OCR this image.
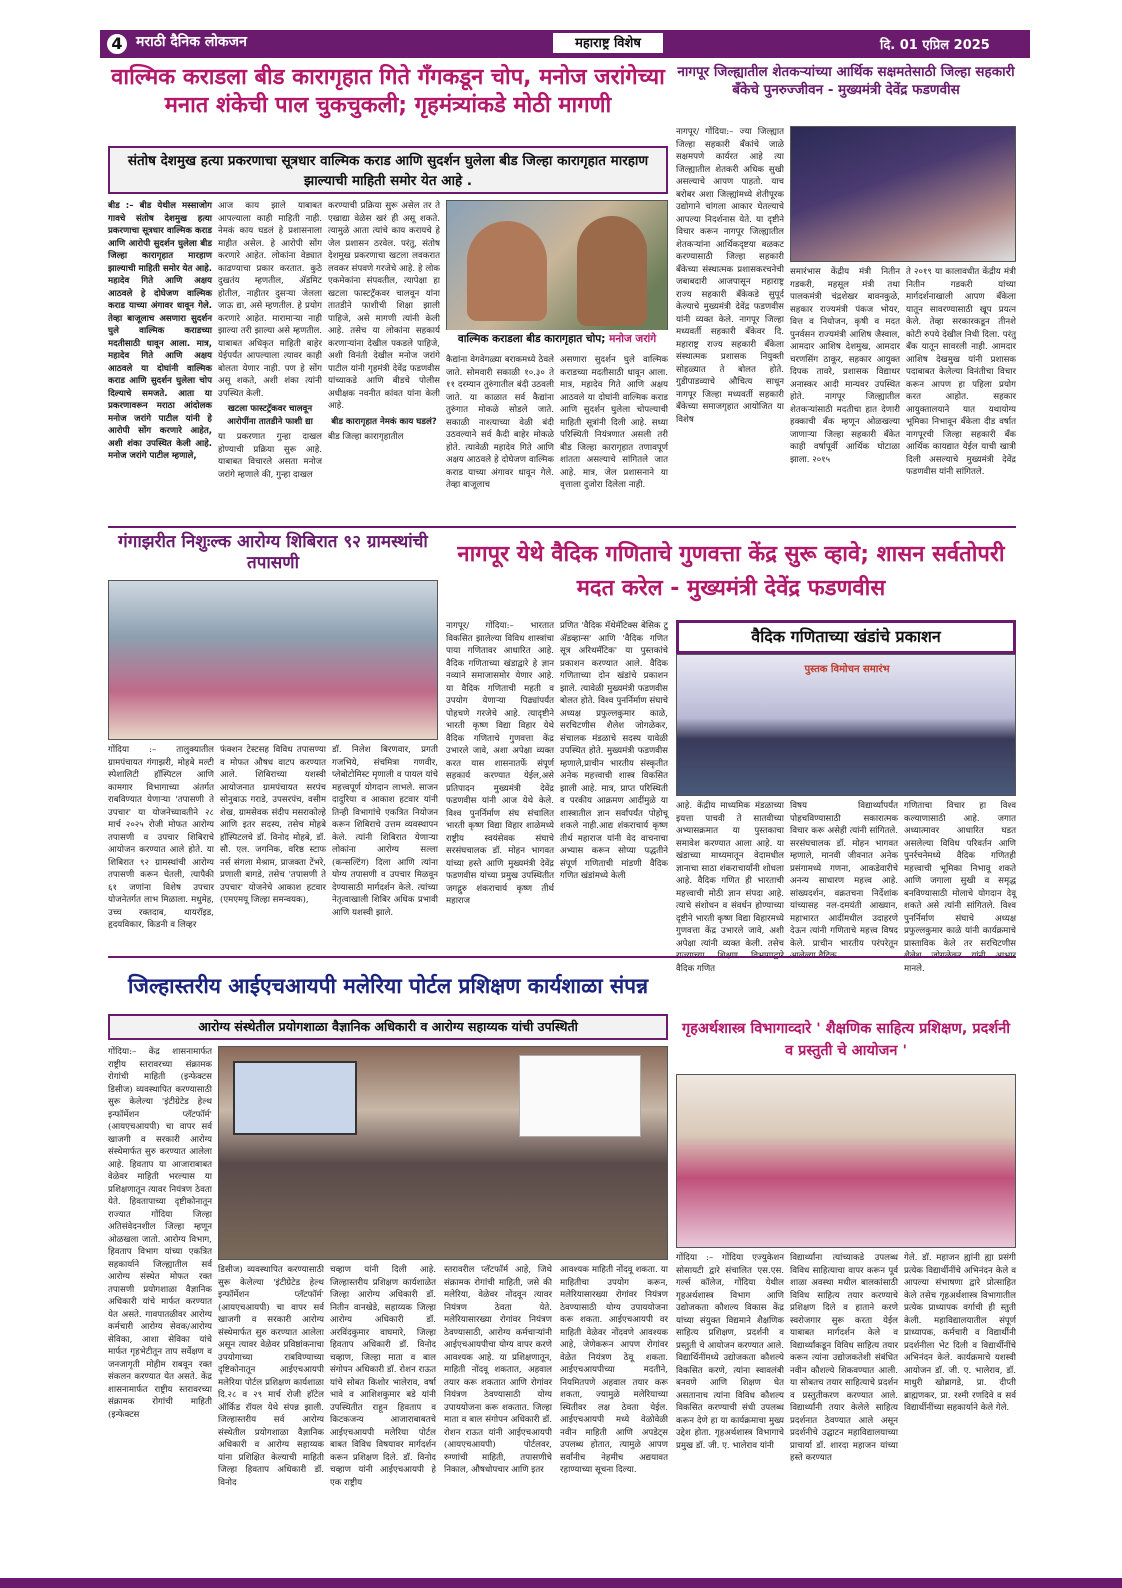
4 मराठी दैनिक लोकजन	महाराष्ट्र विशेष	दि. 01 एप्रिल 2025
वाल्मिक कराडला बीड कारागृहात गिते गँगकडून चोप, मनोज जरांगेच्या मनात शंकेची पाल चुकचुकली; गृहमंत्र्यांकडे मोठी मागणी
संतोष देशमुख हत्या प्रकरणाचा सूत्रधार वाल्मिक कराड आणि सुदर्शन घुलेला बीड जिल्हा कारागृहात मारहाण झाल्याची माहिती समोर येत आहे .
बीड :– बीड येथील मस्साजोग गावचे संतोष देशमुख हत्या प्रकरणाचा सूत्रधार वाल्मिक कराड आणि आरोपी सुदर्शन घुलेला बीड जिल्हा कारागृहात मारहाण झाल्याची माहिती समोर येत आहे. महादेव गिते आणि अक्षय आठवले हे दोघेजण वाल्मिक कराड याच्या अंगावर धावून गेले. तेव्हा बाजूलाच असणारा सुदर्शन घुले वाल्मिक कराडच्या मदतीसाठी धावून आला. मात्र, महादेव गिते आणि अक्षय आठवले या दोघांनी वाल्मिक कराड आणि सुदर्शन घुलेला चोप दिल्याचे समजते. आता या प्रकरणावरून मराठा आंदोलक मनोज जरांगे पाटील यांनी हे आरोपी सोंग करणारे आहेत, अशी शंका उपस्थित केली आहे. मनोज जरांगे पाटील म्हणाले,
आज काय झाले याबाबत आपल्याला काही माहिती नाही. नेमकं काय घडलं हे प्रशासनाला माहीत असेल. हे आरोपी सोंग करणारे आहेत. लोकांना वेड्यात काढण्याचा प्रकार करतात. कुठे दुखतंय म्हणतील, ॲडमिट होतील, नाहीतर दुसऱ्या जेलला जाऊ द्या, असे म्हणतील. हे प्रयोग करणारे आहेत. मारामाऱ्या नाही झाल्या तरी झाल्या असे म्हणतील. याबाबत अधिकृत माहिती बाहेर येईपर्यंत आपल्याला त्यावर काही बोलता येणार नाही. पण हे सोंग असू शकते, अशी शंका त्यांनी उपस्थित केली.
खटला फास्टट्रॅकवर चालवून आरोपींना तातडीने फाशी द्या
या प्रकरणात गुन्हा दाखल होण्याची प्रक्रिया सुरू आहे. याबाबत विचारले असता मनोज जरांगे म्हणाले की, गुन्हा दाखल
करण्याची प्रक्रिया सुरू असेल तर ते एखाद्या वेळेस खरं ही असू शकते. त्यामुळे आता त्यांचे काय करायचे हे जेल प्रशासन ठरवेल. परंतु, संतोष देशमुख प्रकरणाचा खटला लवकरात लवकर संपवणे गरजेचे आहे. हे लोक एकमेकांना संपवतील, त्यापेक्षा हा खटला फास्टट्रॅकवर चालवून यांना तातडीने फाशीची शिक्षा झाली पाहिजे, असे मागणी त्यांनी केली आहे. तसेच या लोकांना सहकार्य करणाऱ्यांना देखील पकडले पाहिजे, अशी विनंती देखील मनोज जरांगे पाटील यांनी गृहमंत्री देवेंद्र फडणवीस यांच्याकडे आणि बीडचे पोलीस अधीक्षक नवनीत कांवत यांना केली आहे.
बीड कारागृहात नेमकं काय घडलं?
बीड जिल्हा कारागृहातील
वाल्मिक कराडला बीड कारागृहात चोप; मनोज जरांगे
कैद्यांना वेगवेगळ्या बराकमध्ये ठेवले जाते. सोमवारी सकाळी १०.३० ते ११ दरम्यान तुरुंगातील बंदी उठवली जाते. या काळात सर्व कैद्यांना तुरुंगात मोकळे सोडले जाते. सकाळी नाश्त्याच्या वेळी बंदी उठवल्याने सर्व कैदी बाहेर मोकळे होते. त्यावेळी महादेव गिते आणि अक्षय आठवले हे दोघेजण वाल्मिक कराड याच्या अंगावर धावून गेले. तेव्हा बाजूलाच
असणारा सुदर्शन घुले वाल्मिक कराडच्या मदतीसाठी धावून आला. मात्र, महादेव गिते आणि अक्षय आठवले या दोघांनी वाल्मिक कराड आणि सुदर्शन घुलेला चोपल्याची माहिती सूत्रांनी दिली आहे. सध्या परिस्थिती नियंत्रणात असली तरी बीड जिल्हा कारागृहात तणावपूर्ण शांतता असल्याचे सांगितले जात आहे. मात्र, जेल प्रशासनाने या वृत्ताला दुजोरा दिलेला नाही.
नागपूर जिल्ह्यातील शेतकऱ्यांच्या आर्थिक सक्षमतेसाठी जिल्हा सहकारी बँकेचे पुनरुज्जीवन - मुख्यमंत्री देवेंद्र फडणवीस
नागपूर/ गोंदिया:– ज्या जिल्ह्यात जिल्हा सहकारी बँकांचे जाळे सक्षमपणे कार्यरत आहे त्या जिल्ह्यातील शेतकरी अधिक सुखी असल्याचे आपण पाहतो. याच बरोबर अशा जिल्ह्यांमध्ये शेतीपूरक उद्योगाने चांगला आकार घेतल्याचे आपल्या निदर्शनास येते. या दृष्टीने विचार करून नागपूर जिल्ह्यातील शेतकऱ्यांना आर्थिकदृष्टया बळकट करण्यासाठी जिल्हा सहकारी बँकेच्या संस्थात्मक प्रशासकरचनेची जबाबदारी आजपासून महाराष्ट्र राज्य सहकारी बँकेकडे सुपूर्द केल्याचे मुख्यमंत्री देवेंद्र फडणवीस यांनी व्यक्त केले. नागपूर जिल्हा मध्यवर्ती सहकारी बँकेवर दि. महाराष्ट्र राज्य सहकारी बँकेला संस्थात्मक प्रशासक नियुक्ती सोहळ्यात ते बोलत होते. गुडीपाडव्याचे औचित्य साधून नागपूर जिल्हा मध्यवर्ती सहकारी बँकेच्या समाजगृहात आयोजित या विशेष
समारंभास केंद्रीय मंत्री नितीन गडकरी, महसूल मंत्री तथा पालकमंत्री चंद्रशेखर बावनकुळे, सहकार राज्यमंत्री पंकज भोयर, वित्त व नियोजन, कृषी व मदत पुनर्वसन राज्यमंत्री आशिष जैस्वाल, आमदार आशिष देशमुख, आमदार चरणसिंग ठाकूर, सहकार आयुक्त दिपक तावरे, प्रशासक विद्याधर अनास्कर आदी मान्यवर उपस्थित होते. नागपूर जिल्ह्यातील शेतकऱ्यांसाठी मदतीचा हात देणारी हक्काची बँक म्हणून ओळखल्या जाणाऱ्या जिल्हा सहकारी बँकेत काही वर्षापूर्वी आर्थिक घोटाळा झाला. २०१५
ते २०१९ या कालावधीत केंद्रीय मंत्री नितीन गडकरी यांच्या मार्गदर्शनाखाली आपण बँकेला यातून सावरण्यासाठी खूप प्रयत्न केले. तेव्हा सरकारकडून तीनशे कोटी रुपये देखील निधी दिला. परंतु बँक यातून सावरली नाही. आमदार आशिष देखमुख यांनी प्रशासक पदाबाबत केलेल्या विनंतीचा विचार करून आपण हा पहिला प्रयोग करत आहोत. सहकार आयुक्तालयाने यात यथायोग्य भूमिका निभावून बँकेला दीड वर्षात नागपूरची जिल्हा सहकारी बँक आर्थिक कायद्यात येईल याची खात्री दिली असल्याचे मुख्यमंत्री देवेंद्र फडणवीस यांनी सांगितले.
गंगाझरीत निशुःल्क आरोग्य शिबिरात ९२ ग्रामस्थांची तपासणी
गोंदिया :– तालुक्यातील ग्रामपंचायत गंगाझरी, मोहबे मल्टी स्पेशालिटी हॉस्पिटल आणि कामगार विभागाच्या अंतर्गत राबविण्यात येणाऱ्या 'तपासणी ते उपचार' या योजनेच्यावतीने २८ मार्च २०२५ रोजी मोफत आरोग्य तपासणी व उपचार शिबिराचे आयोजन करण्यात आले होते. या शिबिरात ९२ ग्रामस्थांची आरोग्य तपासणी करून घेतली, त्यापैकी ६१ जणांना विशेष उपचार योजनेतर्गत लाभ मिळाला. मधुमेह, उच्च रक्तदाब, थायरॉइड, हृदयविकार, किडनी व लिव्हर
फंक्शन टेस्टसह विविध तपासण्या व मोफत औषध वाटप करण्यात आले. शिबिराच्या यशस्वी आयोजनात ग्रामपंचायत सरपंच सोनुबाऊ गराडे, उपसरपंच, वसीम शेख, ग्रामसेवक संदीप मसराकोल्हे आणि इतर सदस्य, तसेच मोहबे हॉस्पिटलचे डॉ. विनोद मोहबे, डॉ. सौ. एल. जगनिक, वरिष्ठ स्टाफ नर्स संगला मेश्राम, प्राजक्ता टेंभरे, प्रणाली बागडे, तसेच 'तपासणी ते उपचार' योजनेचे आकाश हटवार (एमएमयू जिल्हा समन्वयक),
डॉ. निलेश बिरणवार, प्रगती गजभिये, संचमित्रा गणवीर, प्लेबोटोमिस्ट मृणाली व पायल यांचे महत्त्वपूर्ण योगदान लाभले. साजन दादुरिया व आकाश हटवार यांनी तिन्ही विभागांचे एकत्रित नियोजन करून शिबिराचे उत्तम व्यवस्थापन केले. त्यांनी शिबिरात येणाऱ्या लोकांना आरोग्य सल्ला (कन्सल्टिंग) दिला आणि त्यांना योग्य तपासणी व उपचार मिळवून देण्यासाठी मार्गदर्शन केले. त्यांच्या नेतृत्वाखाली शिबिर अधिक प्रभावी आणि यशस्वी झाले.
नागपूर येथे वैदिक गणिताचे गुणवत्ता केंद्र सुरू व्हावे; शासन सर्वतोपरी मदत करेल - मुख्यमंत्री देवेंद्र फडणवीस
नागपूर/ गोंदिया:– भारतात विकसित झालेल्या विविध शास्त्रांचा पाया गणितावर आधारित आहे. वैदिक गणिताच्या खंडाद्वारे हे ज्ञान नव्याने समाजासमोर येणार आहे. या वैदिक गणिताची महती व उपयोग येणाऱ्या पिढ्यांपर्यंत पोहचणे गरजेचे आहे. त्यादृष्टीने भारती कृष्ण विद्या विहार येथे वैदिक गणिताचे गुणवत्ता केंद्र उभारले जावे, अशा अपेक्षा व्यक्त करत यास शासनातर्फे संपूर्ण सहकार्य करण्यात येईल,असे प्रतिपादन मुख्यमंत्री देवेंद्र फडणवीस यांनी आज येथे केले. विश्व पुनर्निर्माण संघ संचालित भारती कृष्ण विद्या विहार शाळेमध्ये राष्ट्रीय स्वयंसेवक संघाचे सरसंघचालक डॉ. मोहन भागवत यांच्या हस्ते आणि मुख्यमंत्री देवेंद्र फडणवीस यांच्या प्रमुख उपस्थितीत जगद्गुरु शंकराचार्य कृष्ण तीर्थ महाराज
प्रणित 'वैदिक मॅथेमॅटिक्स बेसिक टु ॲडव्हान्स' आणि 'वैदिक गणित सूत्र अरिथमॅटिक' या पुस्तकांचे प्रकाशन करण्यात आले. वैदिक गणिताच्या दोन खंडांचे प्रकाशन झाले. त्यावेळी मुख्यमंत्री फडणवीस बोलत होते. विश्व पुनर्निर्माण संघाचे अध्यक्ष प्रफुल्लकुमार काळे, सरचिटणीस शैलेश जोगळेकर, संचालक मंडळाचे सदस्य यावेळी उपस्थित होते. मुख्यमंत्री फडणवीस म्हणाले,प्राचीन भारतीय संस्कृतीत अनेक महत्त्वाची शास्त्र विकसित झाली आहे. मात्र, प्राप्त परिस्थिती व परकीय आक्रमण आदींमुळे या शास्त्रातील ज्ञान सर्वांपर्यंत पोहोचू शकले नाही.आद्य शंकराचार्य कृष्ण तीर्थ महाराज यांनी वेद वाचनाचा अभ्यास करून सोप्या पद्धतीने संपूर्ण गणिताची मांडणी वैदिक गणित खंडांमध्ये केली
वैदिक गणिताच्या खंडांचे प्रकाशन
पुस्तक विमोचन समारंभ
आहे. केंद्रीय माध्यमिक मंडळाच्या इयत्ता पाचवी ते सातवीच्या अभ्यासक्रमात या पुस्तकाचा समावेश करण्यात आला आहे. या खंडाच्या माध्यमातून वेदामधील ज्ञानाचा साठा शंकराचार्यांनी शोधला आहे. वैदिक गणित ही भारताची महत्त्वाची मोठी ज्ञान संपदा आहे. त्याचे संशोधन व संवर्धन होण्याच्या दृष्टीने भारती कृष्ण विद्या विहारमध्ये गुणवत्ता केंद्र उभारले जावे, अशी अपेक्षा त्यांनी व्यक्त केली. तसेच वैदिक गणित
विषय विद्यार्थ्यांपर्यंत पोहचविण्यासाठी सकारात्मक विचार करू असेही त्यांनी सांगितले. सरसंघचालक डॉ. मोहन भागवत म्हणाले, मानवी जीवनात अनेक प्रसंगामध्ये गणना, आकडेवारीचे अनन्य साधारण महत्त्व आहे. सांख्यदर्शन, वक्रतचना निर्देशांक यांच्यासह नल-दमयंती आख्यान, महाभारत आदींमधील उदाहरणे देऊन त्यांनी गणिताचे महत्त्व विषद केले. प्राचीन भारतीय परंपरेतून
गणिताचा विचार हा विश्व कल्याणासाठी आहे. जगात अध्यात्मावर आधारित घडत असलेल्या विविध परिवर्तन आणि पुनर्रचनेमध्ये वैदिक गणितही महत्त्वाची भूमिका निभावू शकते आणि जगाला सुखी व समृद्ध बनविण्यासाठी मोलाचे योगदान देवू शकते असे त्यांनी सांगितले. विश्व पुनर्निर्माण संघाचे अध्यक्ष प्रफुल्लकुमार काळे यांनी कार्यक्रमाचे प्रास्ताविक केले तर सरचिटणीस मानले.
जिल्हास्तरीय आईएचआयपी मलेरिया पोर्टल प्रशिक्षण कार्यशाळा संपन्न
आरोग्य संस्थेतील प्रयोगशाळा वैज्ञानिक अधिकारी व आरोग्य सहाय्यक यांची उपस्थिती
गोंदिया:– केंद्र शासनामार्फत राष्ट्रीय स्तरावरच्या संक्रामक रोगांची माहिती (इन्फेक्टस डिसीज) व्यवस्थापित करण्यासाठी सुरू केलेल्या 'इंटीग्रेटेड हेल्थ इन्फॉर्मेशन प्लॅटफॉर्म' (आयएचआयपी) चा वापर सर्व खाजगी व सरकारी आरोग्य संस्थेमार्फत सुरु करण्यात आलेला आहे. हिवताप या आजाराबाबत वेळेवर माहिती भरल्यास या प्रशिक्षणातून त्यावर नियंत्रण ठेवता येते. हिवतापाच्या दृष्टीकोनातून राज्यात गोंदिया जिल्हा अतिसंवेदनशील जिल्हा म्हणून ओळखला जातो. आरोग्य विभाग, हिवताप विभाग यांच्या एकत्रित सहकार्याने जिल्ह्यातील सर्व आरोग्य संस्थेत मोफत रक्त तपासणी प्रयोगशाळा वैज्ञानिक अधिकारी यांचे मार्फत करण्यात येत असते. गावपातळीवर आरोग्य कर्मचारी आरोग्य सेवक/आरोग्य सेविका, आशा सेविका यांचे मार्फत गृहभेटीतून ताप सर्वेक्षण व जनजागृती मोहीम राबवून रक्त संकलन करण्यात येत असते. केंद्र शासनामार्फत राष्ट्रीय स्तरावरच्या संक्रामक रोगांची माहिती (इन्फेक्टस
डिसीज) व्यवस्थापित करण्यासाठी सुरू केलेल्या 'इंटीग्रेटेड हेल्थ इन्फॉर्मेशन प्लॅटफॉर्म' (आयएचआयपी) चा वापर सर्व खाजगी व सरकारी आरोग्य संस्थेमार्फत सुरु करण्यात आलेला असून त्यावर वेळेवर प्रविष्ठांकनाचा उपयोगाच्या राबविण्याच्या दृष्टिकोनातून आईएचआयपी मलेरिया पोर्टल प्रशिक्षण कार्यशाळा दि.२८ व २९ मार्च रोजी हॉटेल ऑर्किड रॉयल येथे संपन्न झाली. जिल्हास्तरीय सर्व आरोग्य संस्थेतील प्रयोगशाळा वैज्ञानिक अधिकारी व आरोग्य सहाय्यक यांना प्रशिक्षित केल्याची माहिती जिल्हा हिवताप अधिकारी डॉ. विनोद
चव्हाण यांनी दिली आहे. जिल्हास्तरीय प्रशिक्षण कार्यशाळेत जिल्हा आरोग्य अधिकारी डॉ. नितीन वानखेडे, सहाय्यक जिल्हा आरोग्य अधिकारी डॉ. अरविंदकुमार वाघमारे, जिल्हा हिवताप अधिकारी डॉ. विनोद चव्हाण, जिल्हा माता व बाल संगोपन अधिकारी डॉ. रोशन राऊत यांचे सोबत किशोर भालेराव, वर्षा भावे व आशिशकुमार बडे यांनी उपस्थितीत राहून हिवताप व किटकजन्य आजाराबाबतचे आईएचआयपी मलेरिया पोर्टल बाबत विविध विषयावर मार्गदर्शन करून प्रशिक्षण दिले. डॉ. विनोद चव्हाण यांनी आईएचआयपी हे एक राष्ट्रीय
स्तरावरील प्लॅटफॉर्म आहे, जिथे संक्रामक रोगांची माहिती, जसे की मलेरिया, वेळेवर नोंदवून त्यावर नियंत्रण ठेवता येते. मलेरियासारख्या रोगांवर नियंत्रण ठेवण्यासाठी, आरोग्य कर्मचाऱ्यांनी आईएचआयपीचा योग्य वापर करणे आवश्यक आहे. या प्रशिक्षणातून, माहिती नोंदवू शकतात, अहवाल तयार करू शकतात आणि रोगांवर नियंत्रण ठेवण्यासाठी योग्य उपाययोजना करू शकतात. जिल्हा माता व बाल संगोपन अधिकारी डॉ. रोशन राऊत यांनी आईएचआयपी (आयएचआयपी) पोर्टलवर, रुग्णांची माहिती, तपासणीचे निकाल, औषधोपचार आणि इतर
आवश्यक माहिती नोंदवू शकता. या माहितीचा उपयोग करून, मलेरियासारख्या रोगांवर नियंत्रण ठेवण्यासाठी योग्य उपाययोजना करू शकता. आईएचआयपी वर माहिती वेळेवर नोंदवणे आवश्यक आहे, जेणेकरून आपण रोगांवर वेळेत नियंत्रण ठेवू शकता. आईएचआयपीच्या मदतीने, नियमितपणे अहवाल तयार करू शकता, ज्यामुळे मलेरियाच्या स्थितीवर लक्ष ठेवता येईल. आईएचआयपी मध्ये वेळोवेळी नवीन माहिती आणि अपडेट्स उपलब्ध होतात, त्यामुळे आपण सर्वांनीच नेहमीच अद्ययावत रहाण्याच्या सूचना दिल्या.
गृहअर्थशास्त्र विभागाव्दारे ' शैक्षणिक साहित्य प्रशिक्षण, प्रदर्शनी व प्रस्तुती चे आयोजन '
गोंदिया :– गोंदिया एज्युकेशन सोसायटी द्वारे संचालित एस.एस. गर्ल्स कॉलेज, गोंदिया येथील गृहअर्थशास्त्र विभाग आणि उद्योजकता कौशल्य विकास केंद्र यांच्या संयुक्त विद्यमाने शैक्षणिक साहित्य प्रशिक्षण, प्रदर्शनी व प्रस्तुती चे आयोजन करण्यात आले. विद्यार्थिनींमध्ये उद्योजकता कौशल्ये विकसित करणे, त्यांना स्वावलंबी बनवणे आणि शिक्षण घेत असतानाच त्यांना विविध कौशल्य विकसित करण्याची संधी उपलब्ध करून देणे हा या कार्यक्रमाचा मुख्य उद्देश होता. गृहअर्थशास्त्र विभागाचे प्रमुख डॉ. जी. ए. भालेराव यांनी
विद्यार्थ्यांना त्यांच्याकडे उपलब्ध विविध साहित्याचा वापर करून पूर्व शाळा अवस्था मधील बालकांसाठी विविध साहित्य तयार करण्याचे प्रशिक्षण दिले व हाताने करणे स्वरोजगार सुरू करता येईल याबाबत मार्गदर्शन केले व विद्यार्थ्यांकडून विविध साहित्य तयार करून त्यांना उद्योजकतेशी संबंधित नवीन कौशल्ये शिकवण्यात आली. या सोबतच तयार साहित्याचे प्रदर्शन व प्रस्तुतीकरण करण्यात आले. विद्यार्थ्यांनी तयार केलेले साहित्य प्रदर्शनात ठेवण्यात आले असून प्रदर्शनीचे उद्घाटन महाविद्यालयाच्या प्राचार्या डॉ. शारदा महाजन यांच्या हस्ते करण्यात
गेले. डॉ. महाजन ह्यांनी ह्या प्रसंगी प्रत्येक विद्यार्थीनींचे अभिनंदन केले व आपल्या संभाषणा द्वारे प्रोत्साहित केले तसेच गृहअर्थशास्त्र विभागातील प्रत्येक प्राध्यापक वर्गाची ही स्तुती केली. महाविद्यालयातील संपूर्ण प्राध्यापक, कर्मचारी व विद्यार्थीनी प्रदर्शनीला भेट दिली व विद्यार्थीनींचे अभिनंदन केले. कार्यक्रमाचे यशस्वी आयोजन डॉ. जी. ए. भालेराव, डॉ. माधुरी खोब्रागडे, प्रा. दीप्ती ब्राह्मणकर, प्रा. रश्मी रणदिवे व सर्व विद्यार्थीनींच्या सहकार्याने केले गेले.
